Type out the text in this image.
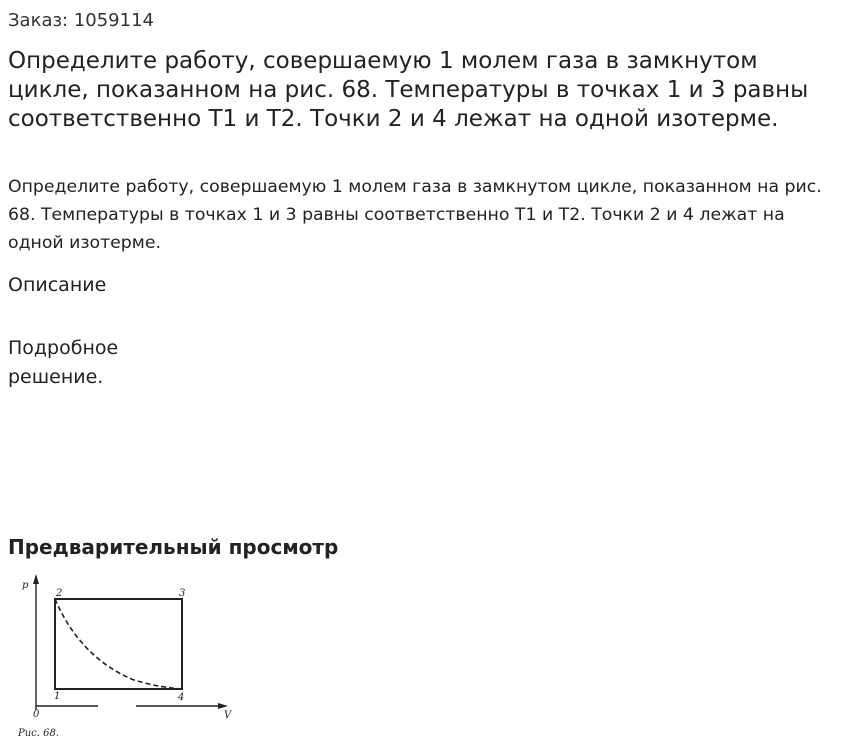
Заказ: 1059114
Определите работу, совершаемую 1 молем газа в замкнутом цикле, показанном на рис. 68. Температуры в точках 1 и 3 равны соответственно Т1 и Т2. Точки 2 и 4 лежат на одной изотерме.

Определите работу, совершаемую 1 молем газа в замкнутом цикле, показанном на рис. 68. Температуры в точках 1 и 3 равны соответственно Т1 и Т2. Точки 2 и 4 лежат на одной изотерме.

Описание
Подробное
решение.
Предварительный просмотр
p
V
0
2	3
1	4
Рис. 68.
